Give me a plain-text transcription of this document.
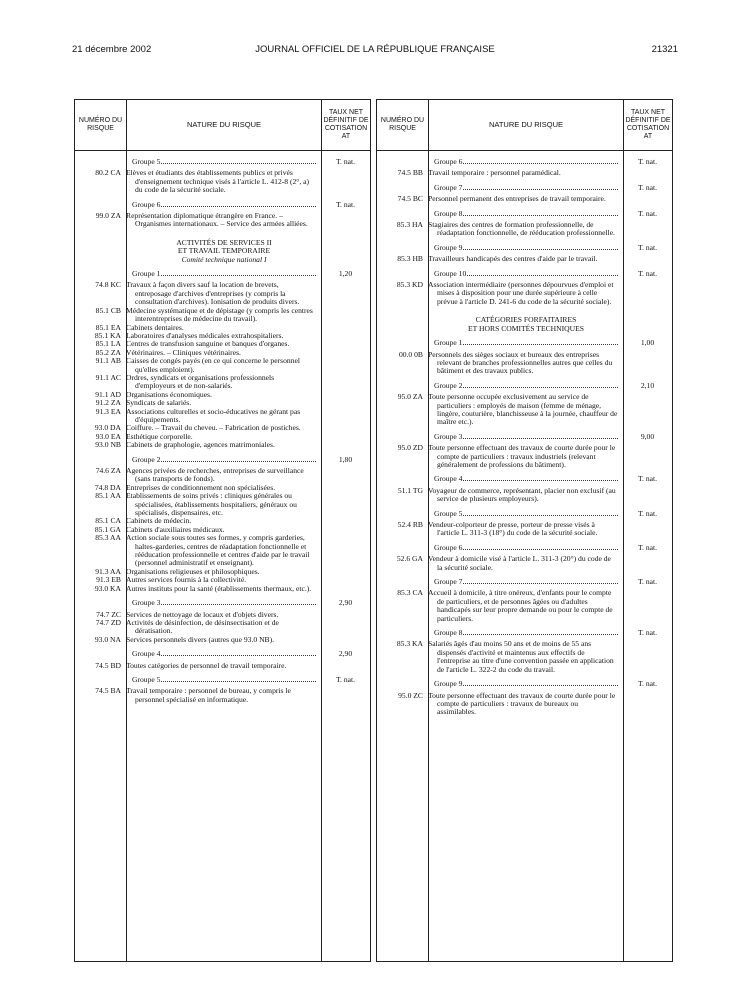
21 décembre 2002	JOURNAL OFFICIEL DE LA RÉPUBLIQUE FRANÇAISE	21321
NUMÉRO DU RISQUE	NATURE DU RISQUE
TAUX NET DÉFINITIF DE COTISATION AT
Groupe 5	T. nat.
80.2 CA Elèves et étudiants des établissements publics et privés d'enseignement technique visés à l'article L. 412-8 (2°, a) du code de la sécurité sociale.
Groupe 6	T. nat.
99.0 ZA Représentation diplomatique étrangère en France. – Organismes internationaux. – Service des armées alliées.
ACTIVITÉS DE SERVICES II
ET TRAVAIL TEMPORAIRE
Comité technique national I
Groupe 1	1,20
74.8 KC Travaux à façon divers sauf la location de brevets, entreposage d'archives d'entreprises (y compris la consultation d'archives). Ionisation de produits divers.
85.1 CB Médecine systématique et de dépistage (y compris les centres interentreprises de médecine du travail).
85.1 EA Cabinets dentaires.
85.1 KA Laboratoires d'analyses médicales extrahospitaliers.
85.1 LA Centres de transfusion sanguine et banques d'organes.
85.2 ZA Vétérinaires. – Cliniques vétérinaires.
91.1 AB Caisses de congés payés (en ce qui concerne le personnel qu'elles emploient).
91.1 AC Ordres, syndicats et organisations professionnels d'employeurs et de non-salariés.
91.1 AD Organisations économiques.
91.2 ZA Syndicats de salariés.
91.3 EA Associations culturelles et socio-éducatives ne gérant pas d'équipements.
93.0 DA Coiffure. – Travail du cheveu. – Fabrication de postiches.
93.0 EA Esthétique corporelle.
93.0 NB Cabinets de graphologie, agences matrimoniales.
Groupe 2	1,80
74.6 ZA Agences privées de recherches, entreprises de surveillance (sans transports de fonds).
74.8 DA Entreprises de conditionnement non spécialisées.
85.1 AA Etablissements de soins privés : cliniques générales ou spécialisées, établissements hospitaliers, généraux ou spécialisés, dispensaires, etc.
85.1 CA Cabinets de médecin.
85.1 GA Cabinets d'auxiliaires médicaux.
85.3 AA Action sociale sous toutes ses formes, y compris garderies, haltes-garderies, centres de réadaptation fonctionnelle et rééducation professionnelle et centres d'aide par le travail (personnel administratif et enseignant).
91.3 AA Organisations religieuses et philosophiques.
91.3 EB Autres services fournis à la collectivité.
93.0 KA Autres instituts pour la santé (établissements thermaux, etc.).
Groupe 3	2,90
74.7 ZC Services de nettoyage de locaux et d'objets divers.
74.7 ZD Activités de désinfection, de désinsectisation et de dératisation.
93.0 NA Services personnels divers (autres que 93.0 NB).
Groupe 4	2,90
74.5 BD Toutes catégories de personnel de travail temporaire.
Groupe 5	T. nat.
74.5 BA Travail temporaire : personnel de bureau, y compris le personnel spécialisé en informatique.
NUMÉRO DU RISQUE	NATURE DU RISQUE
TAUX NET DÉFINITIF DE COTISATION AT
Groupe 6	T. nat.
74.5 BB Travail temporaire : personnel paramédical.
Groupe 7	T. nat.
74.5 BC Personnel permanent des entreprises de travail temporaire.
Groupe 8	T. nat.
85.3 HA Stagiaires des centres de formation professionnelle, de réadaptation fonctionnelle, de rééducation professionnelle.
Groupe 9	T. nat.
85.3 HB Travailleurs handicapés des centres d'aide par le travail.
Groupe 10	T. nat.
85.3 KD Association intermédiaire (personnes dépourvues d'emploi et mises à disposition pour une durée supérieure à celle prévue à l'article D. 241-6 du code de la sécurité sociale).
CATÉGORIES FORFAITAIRES
ET HORS COMITÉS TECHNIQUES
Groupe 1	1,00
00.0 0B Personnels des sièges sociaux et bureaux des entreprises relevant de branches professionnelles autres que celles du bâtiment et des travaux publics.
Groupe 2	2,10
95.0 ZA Toute personne occupée exclusivement au service de particuliers : employés de maison (femme de ménage, lingère, couturière, blanchisseuse à la journée, chauffeur de maître etc.).
Groupe 3	9,00
95.0 ZD Toute personne effectuant des travaux de courte durée pour le compte de particuliers : travaux industriels (relevant généralement de professions du bâtiment).
Groupe 4	T. nat.
51.1 TG Voyageur de commerce, représentant, placier non exclusif (au service de plusieurs employeurs).
Groupe 5	T. nat.
52.4 RB Vendeur-colporteur de presse, porteur de presse visés à l'article L. 311-3 (18°) du code de la sécurité sociale.
Groupe 6	T. nat.
52.6 GA Vendeur à domicile visé à l'article L. 311-3 (20°) du code de la sécurité sociale.
Groupe 7	T. nat.
85.3 CA Accueil à domicile, à titre onéreux, d'enfants pour le compte de particuliers, et de personnes âgées ou d'adultes handicapés sur leur propre demande ou pour le compte de particuliers.
Groupe 8	T. nat.
85.3 KA Salariés âgés d'au moins 50 ans et de moins de 55 ans dispensés d'activité et maintenus aux effectifs de l'entreprise au titre d'une convention passée en application de l'article L. 322-2 du code du travail.
Groupe 9	T. nat.
95.0 ZC Toute personne effectuant des travaux de courte durée pour le compte de particuliers : travaux de bureaux ou assimilables.
